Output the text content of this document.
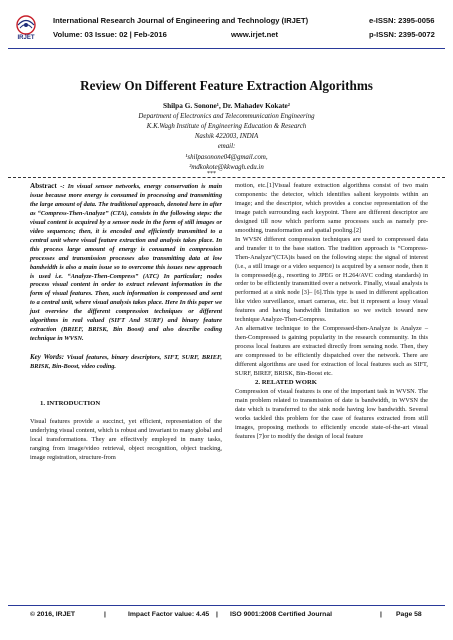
IRJET
International Research Journal of Engineering and Technology (IRJET)	e-ISSN: 2395-0056
Volume: 03 Issue: 02 | Feb-2016	www.irjet.net	p-ISSN: 2395-0072
Review On Different Feature Extraction Algorithms
Shilpa G. Sonone¹, Dr. Mahadev Kokate²
Department of Electronics and Telecommunication Engineering
K.K.Wagh Institute of Engineering Education & Research
Nashik 422003, INDIA
email:
¹shilpasonone04@gmail.com,
²mdkokote@kkwagh.edu.in
***

Abstract -: In visual sensor networks, energy conservation is main issue because more energy is consumed in processing and transmitting the large amount of data. The traditional approach, denoted here in after as “Compress-Then-Analyze” (CTA), consists in the following steps: the visual content is acquired by a sensor node in the form of still images or video sequences; then, it is encoded and efficiently transmitted to a central unit where visual feature extraction and analysis takes place. In this process large amount of energy is consumed in compression processes and transmission processes also transmitting data at low bandwidth is also a main issue so to overcome this issues new approach is used i.e. “Analyze-Then-Compress” (ATC) In particular; nodes process visual content in order to extract relevant information in the form of visual features. Then, such information is compressed and sent to a central unit, where visual analysis takes place. Here In this paper we just overview the different compression techniques or different algorithms in real valued (SIFT And SURF) and binary feature extraction (BRIEF, BRISK, Bin Boost) and also describe coding technique in WVSN.

Key Words: Visual features, binary descriptors, SIFT, SURF, BRIEF, BRISK, Bin-Boost, video coding.

1. INTRODUCTION

Visual features provide a succinct, yet efficient, representation of the underlying visual content, which is robust and invariant to many global and local transformations. They are effectively employed in many tasks, ranging from image/video retrieval, object recognition, object tracking, image registration, structure-from

motion, etc.[1]Visual feature extraction algorithms consist of two main components: the detector, which identifies salient keypoints within an image; and the descriptor, which provides a concise representation of the image patch surrounding each keypoint. There are different descriptor are designed till now which perform same processes such as namely pre-smoothing, transformation and spatial pooling.[2]

In WVSN different compression techniques are used to compressed data and transfer it to the base station. The tradition approach is “Compress-Then-Analyze”(CTA)is based on the following steps: the signal of interest (i.e., a still image or a video sequence) is acquired by a sensor node, then it is compressed(e.g., resorting to JPEG or H.264/AVC coding standards) in order to be efficiently transmitted over a network. Finally, visual analysis is performed at a sink node [3]– [6].This type is used in different application like video surveillance, smart cameras, etc. but it represent a lossy visual features and having bandwidth limitation so we switch toward new technique Analyze-Then-Compress.

An alternative technique to the Compressed-then-Analyze is Analyze –then-Compressed is gaining popularity in the research community. In this process local features are extracted directly from sensing node. Then, they are compressed to be efficiently dispatched over the network. There are different algorithms are used for extraction of local features such as SIFT, SURF, BIREF, BRISK, Bin-Boost etc.

2. RELATED WORK

Compression of visual features is one of the important task in WVSN. The main problem related to transmission of date is bandwidth, in WVSN the date which is transferred to the sink node having low bandwidth. Several works tackled this problem for the case of features extracted from still images, proposing methods to efficiently encode state-of-the-art visual features [7]or to modify the design of local feature

© 2016, IRJET	|	Impact Factor value: 4.45 | ISO 9001:2008 Certified Journal	| Page 58
